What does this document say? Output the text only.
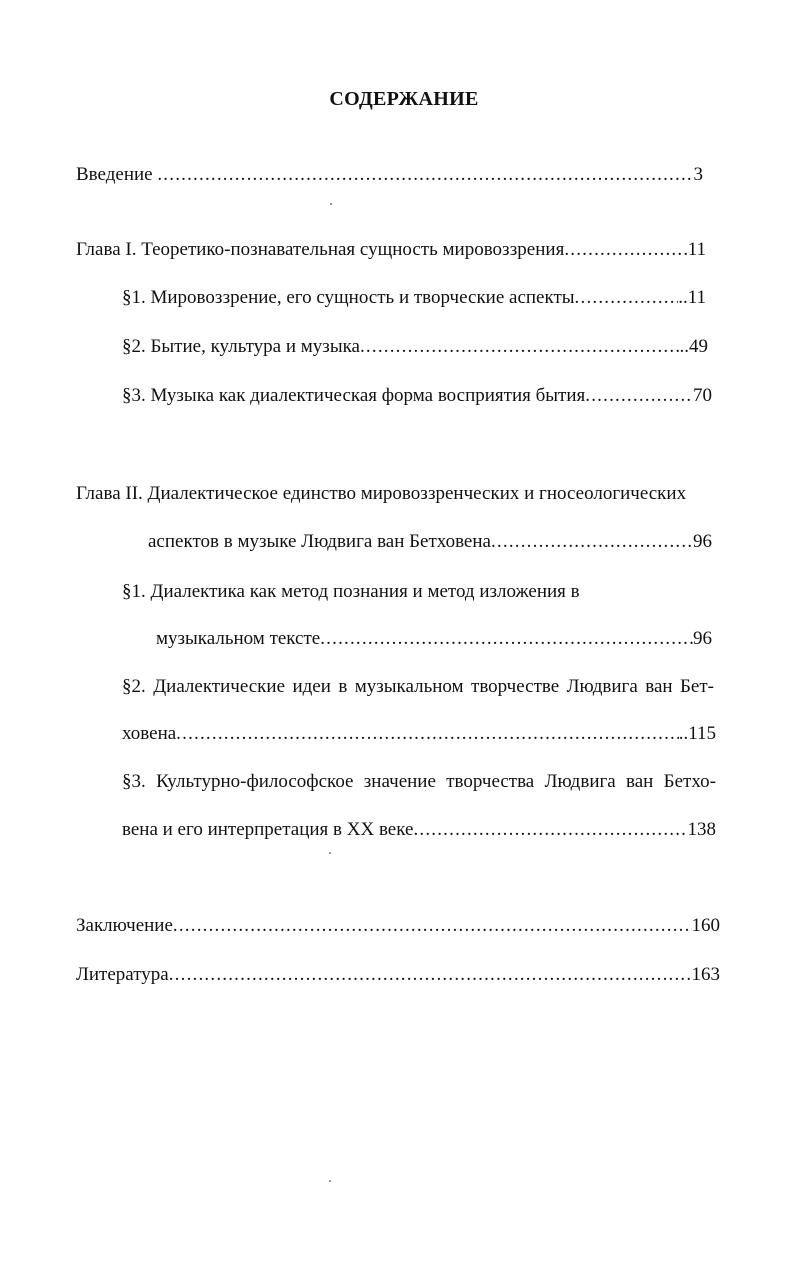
СОДЕРЖАНИЕ
Введение .....	3
Глава I. Теоретико-познавательная сущность мировоззрения .....	11
§1. Мировоззрение, его сущность и творческие аспекты .....	..11
§2. Бытие, культура и музыка .....	..49
§3. Музыка как диалектическая форма восприятия бытия .....	70
Глава II. Диалектическое единство мировоззренческих и гносеологических
аспектов в музыке Людвига ван Бетховена .....	96
§1. Диалектика как метод познания и метод изложения в
музыкальном тексте .....	96
§2. Диалектические идеи в музыкальном творчестве Людвига ван Бет-
ховена .....	..115
§3. Культурно-философское значение творчества Людвига ван Бетхо-
вена и его интерпретация в XX веке .....	138
Заключение .....	160
Литература .....	163
